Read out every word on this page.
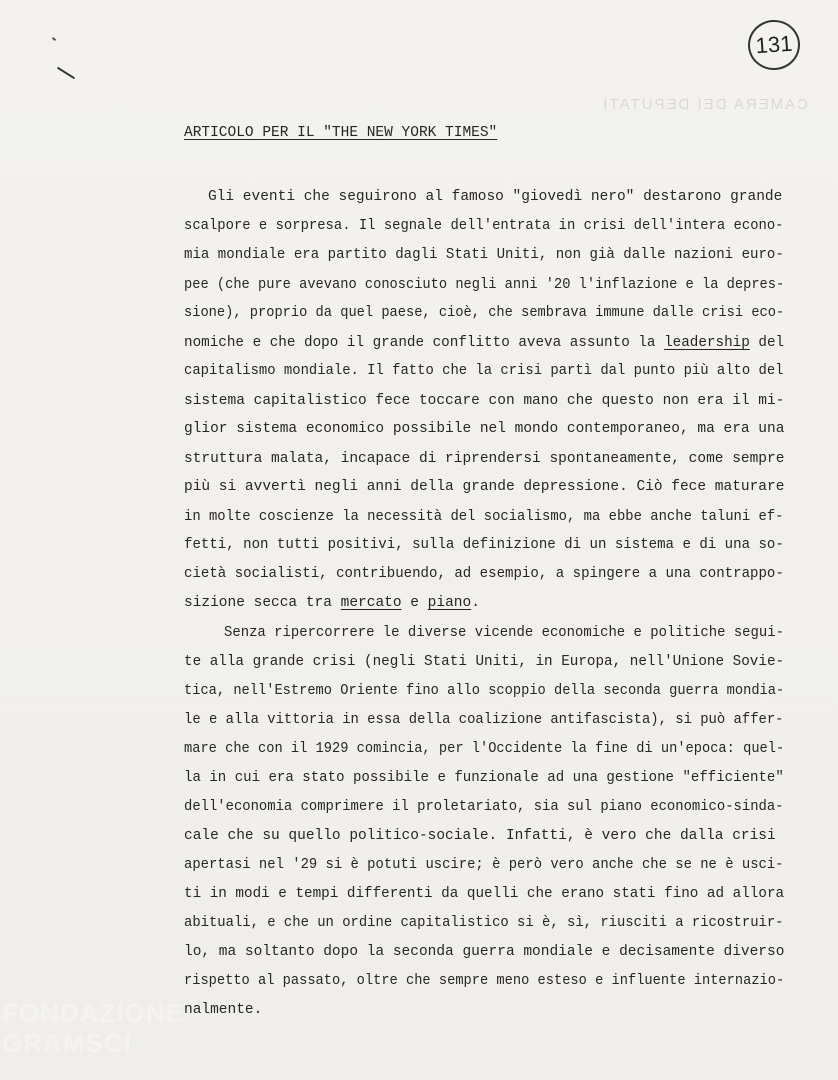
131
CAMERA DEI DEPUTATI
ARTICOLO PER IL "THE NEW YORK TIMES"
Gli eventi che seguirono al famoso "giovedì nero" destarono grande
scalpore e sorpresa. Il segnale dell'entrata in crisi dell'intera econo-
mia mondiale era partito dagli Stati Uniti, non già dalle nazioni euro-
pee (che pure avevano conosciuto negli anni '20 l'inflazione e la depres-
sione), proprio da quel paese, cioè, che sembrava immune dalle crisi eco-
nomiche e che dopo il grande conflitto aveva assunto la leadership del
capitalismo mondiale. Il fatto che la crisi partì dal punto più alto del
sistema capitalistico fece toccare con mano che questo non era il mi-
glior sistema economico possibile nel mondo contemporaneo, ma era una
struttura malata, incapace di riprendersi spontaneamente, come sempre
più si avvertì negli anni della grande depressione. Ciò fece maturare
in molte coscienze la necessità del socialismo, ma ebbe anche taluni ef-
fetti, non tutti positivi, sulla definizione di un sistema e di una so-
cietà socialisti, contribuendo, ad esempio, a spingere a una contrappo-
sizione secca tra mercato e piano.
Senza ripercorrere le diverse vicende economiche e politiche segui-
te alla grande crisi (negli Stati Uniti, in Europa, nell'Unione Sovie-
tica, nell'Estremo Oriente fino allo scoppio della seconda guerra mondia-
le e alla vittoria in essa della coalizione antifascista), si può affer-
mare che con il 1929 comincia, per l'Occidente la fine di un'epoca: quel-
la in cui era stato possibile e funzionale ad una gestione "efficiente"
dell'economia comprimere il proletariato, sia sul piano economico-sinda-
cale che su quello politico-sociale. Infatti, è vero che dalla crisi
apertasi nel '29 si è potuti uscire; è però vero anche che se ne è usci-
ti in modi e tempi differenti da quelli che erano stati fino ad allora
abituali, e che un ordine capitalistico si è, sì, riusciti a ricostruir-
lo, ma soltanto dopo la seconda guerra mondiale e decisamente diverso
rispetto al passato, oltre che sempre meno esteso e influente internazio-
nalmente.
FONDAZIONE
GRAMSCI
